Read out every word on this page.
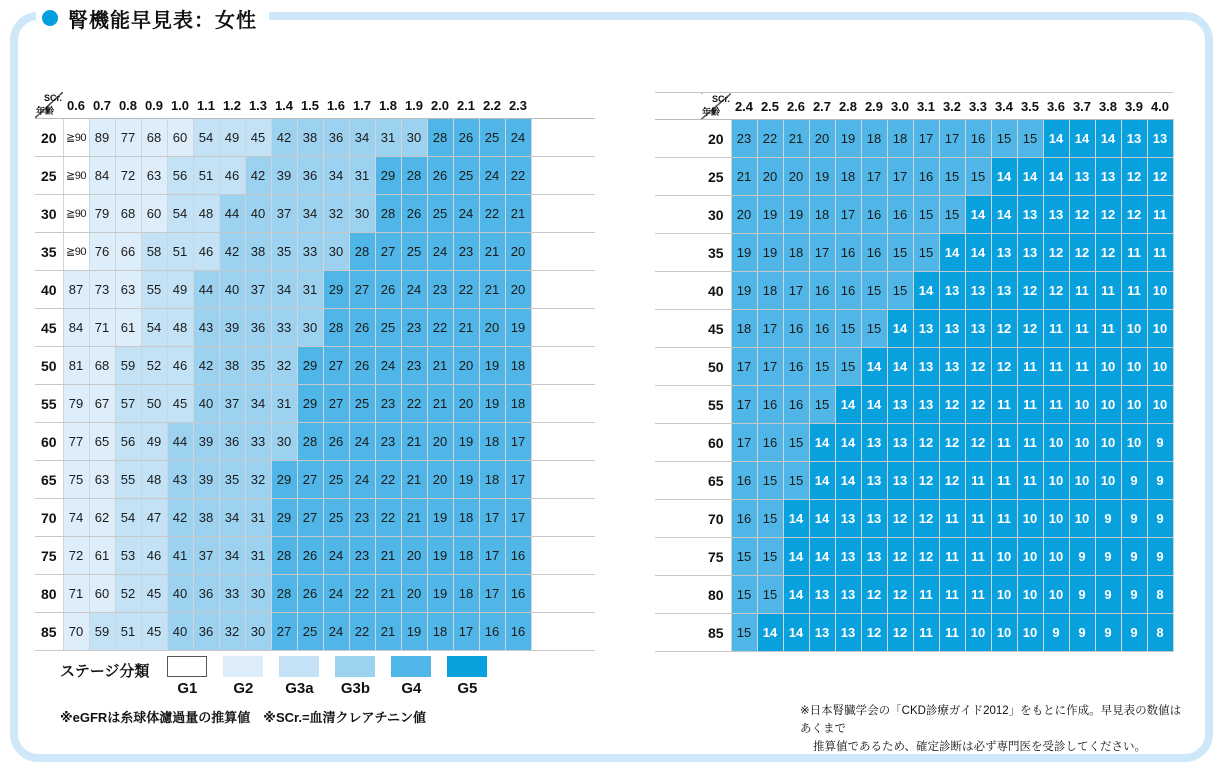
腎機能早見表：女性
SCr.
年齢	0.6	0.7	0.8	0.9	1.0	1.1	1.2	1.3	1.4	1.5	1.6	1.7	1.8	1.9	2.0	2.1	2.2	2.3	
20	≧90	89	77	68	60	54	49	45	42	38	36	34	31	30	28	26	25	24	
25	≧90	84	72	63	56	51	46	42	39	36	34	31	29	28	26	25	24	22	
30	≧90	79	68	60	54	48	44	40	37	34	32	30	28	26	25	24	22	21	
35	≧90	76	66	58	51	46	42	38	35	33	30	28	27	25	24	23	21	20	
40	87	73	63	55	49	44	40	37	34	31	29	27	26	24	23	22	21	20	
45	84	71	61	54	48	43	39	36	33	30	28	26	25	23	22	21	20	19	
50	81	68	59	52	46	42	38	35	32	29	27	26	24	23	21	20	19	18	
55	79	67	57	50	45	40	37	34	31	29	27	25	23	22	21	20	19	18	
60	77	65	56	49	44	39	36	33	30	28	26	24	23	21	20	19	18	17	
65	75	63	55	48	43	39	35	32	29	27	25	24	22	21	20	19	18	17	
70	74	62	54	47	42	38	34	31	29	27	25	23	22	21	19	18	17	17	
75	72	61	53	46	41	37	34	31	28	26	24	23	21	20	19	18	17	16	
80	71	60	52	45	40	36	33	30	28	26	24	22	21	20	19	18	17	16	
85	70	59	51	45	40	36	32	30	27	25	24	22	21	19	18	17	16	16	

	SCr.
年齢	2.4	2.5	2.6	2.7	2.8	2.9	3.0	3.1	3.2	3.3	3.4	3.5	3.6	3.7	3.8	3.9	4.0
	20	23	22	21	20	19	18	18	17	17	16	15	15	14	14	14	13	13
	25	21	20	20	19	18	17	17	16	15	15	14	14	14	13	13	12	12
	30	20	19	19	18	17	16	16	15	15	14	14	13	13	12	12	12	11
	35	19	19	18	17	16	16	15	15	14	14	13	13	12	12	12	11	11
	40	19	18	17	16	16	15	15	14	13	13	13	12	12	11	11	11	10
	45	18	17	16	16	15	15	14	13	13	13	12	12	11	11	11	10	10
	50	17	17	16	15	15	14	14	13	13	12	12	11	11	11	10	10	10
	55	17	16	16	15	14	14	13	13	12	12	11	11	11	10	10	10	10
	60	17	16	15	14	14	13	13	12	12	12	11	11	10	10	10	10	9
	65	16	15	15	14	14	13	13	12	12	11	11	11	10	10	10	9	9
	70	16	15	14	14	13	13	12	12	11	11	11	10	10	10	9	9	9
	75	15	15	14	14	13	13	12	12	11	11	10	10	10	9	9	9	9
	80	15	15	14	13	13	12	12	11	11	11	10	10	10	9	9	9	8
	85	15	14	14	13	13	12	12	11	11	10	10	10	9	9	9	9	8
ステージ分類
G1	G2	G3a	G3b	G4	G5
※eGFRは糸球体濾過量の推算値　※SCr.=血清クレアチニン値	※日本腎臓学会の「CKD診療ガイド2012」をもとに作成。早見表の数値はあくまで
推算値であるため、確定診断は必ず専門医を受診してください。
